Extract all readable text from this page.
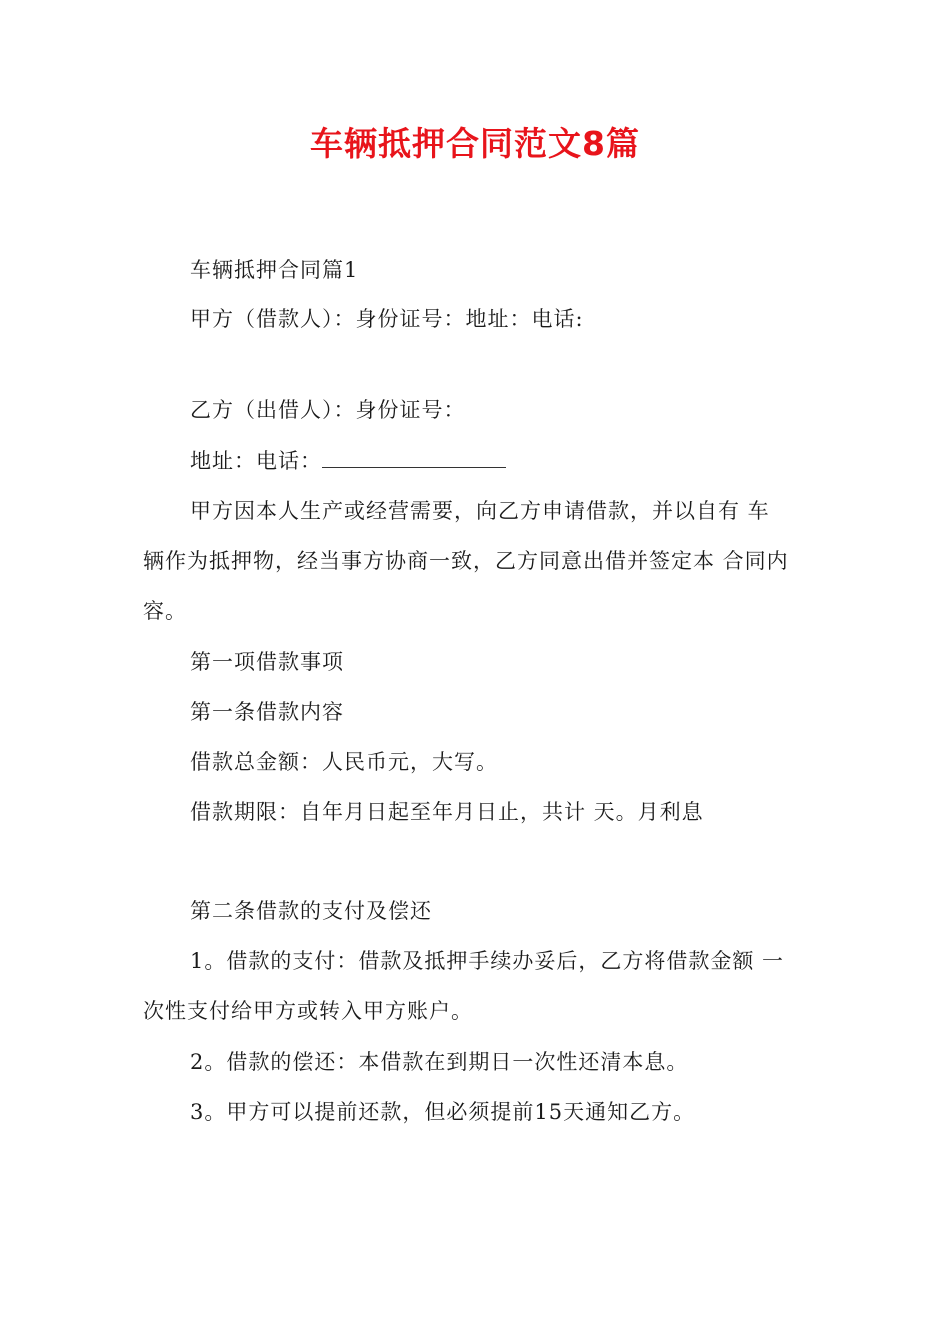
车辆抵押合同范文8篇
车辆抵押合同篇1
甲方（借款人）：身份证号：地址：电话:
乙方（出借人）：身份证号：
地址：电话：
甲方因本人生产或经营需要，向乙方申请借款，并以自有 车
辆作为抵押物，经当事方协商一致，乙方同意出借并签定本 合同内
容。
第一项借款事项
第一条借款内容
借款总金额：人民币元，大写。
借款期限：自年月日起至年月日止，共计 天。月利息
第二条借款的支付及偿还
1。借款的支付：借款及抵押手续办妥后，乙方将借款金额 一
次性支付给甲方或转入甲方账户。
2。借款的偿还：本借款在到期日一次性还清本息。
3。甲方可以提前还款，但必须提前15天通知乙方。
